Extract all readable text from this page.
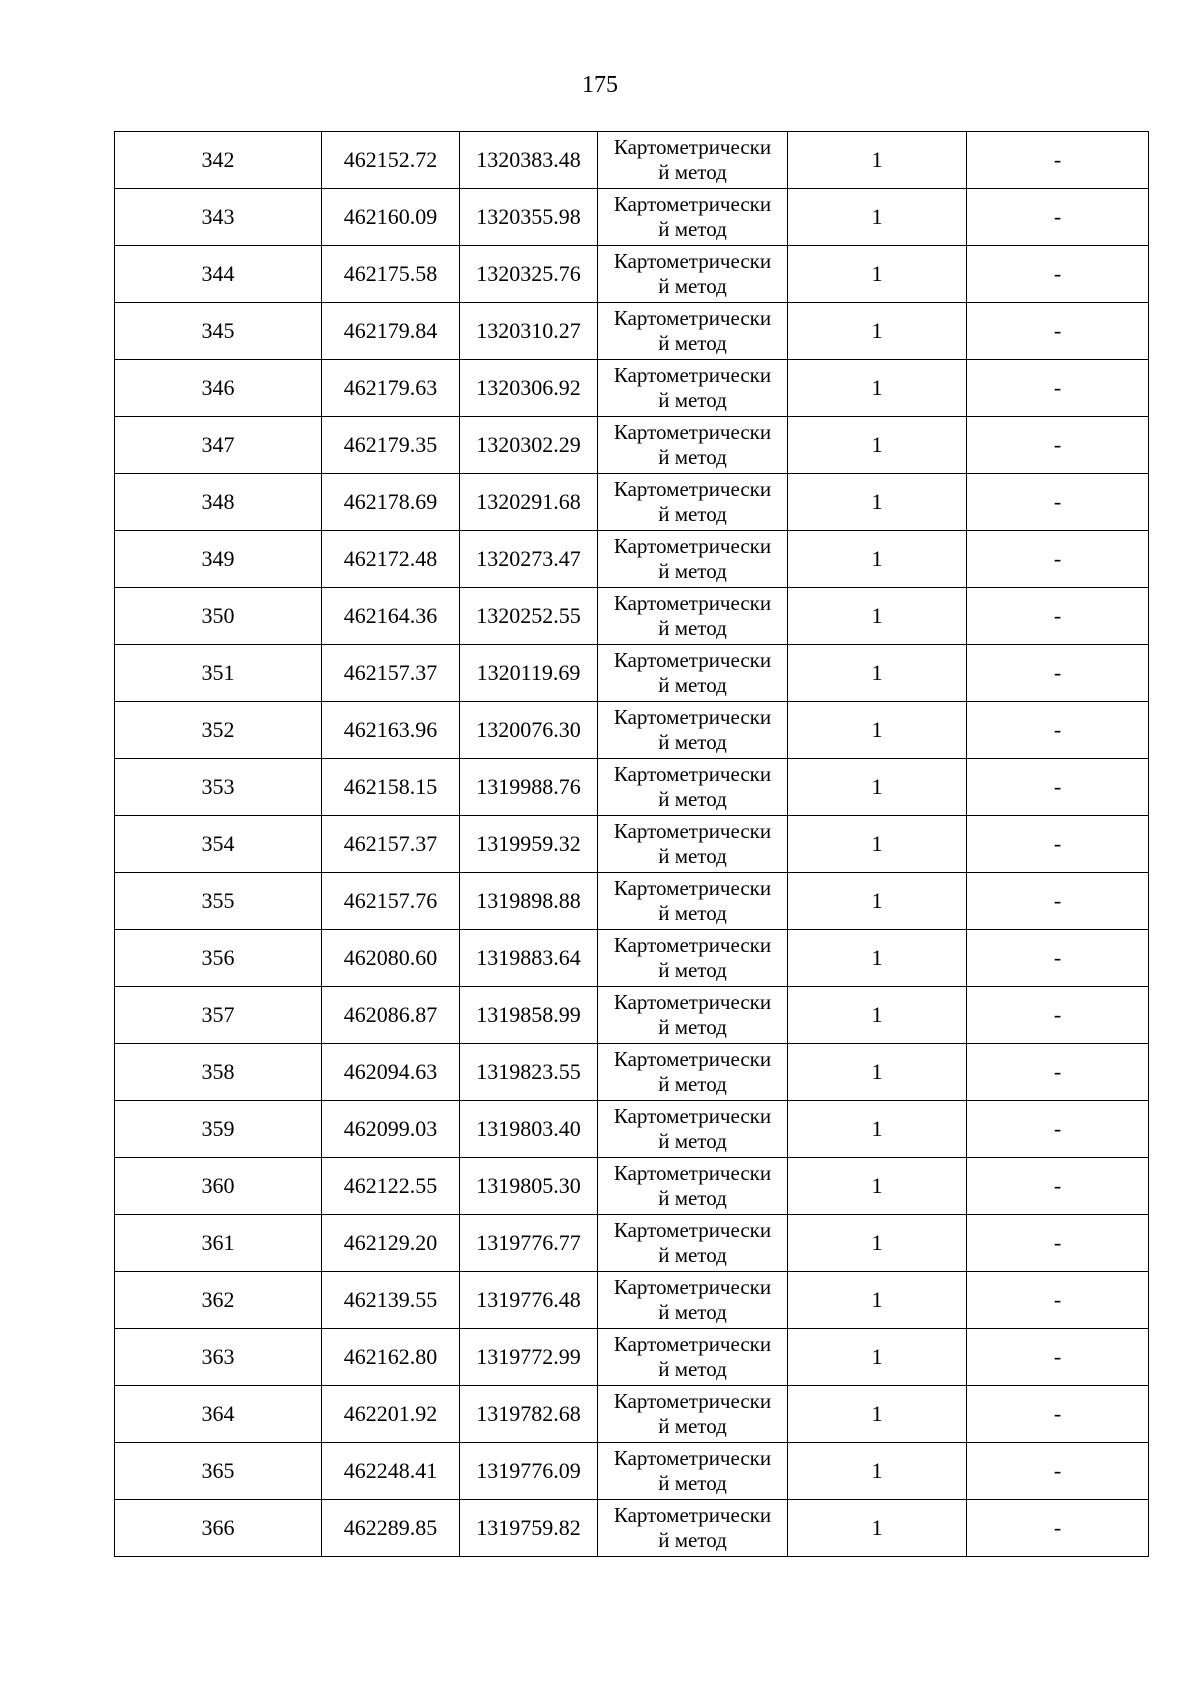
175
342	462152.72	1320383.48	Картометрически
й метод	1	-
343	462160.09	1320355.98	Картометрически
й метод	1	-
344	462175.58	1320325.76	Картометрически
й метод	1	-
345	462179.84	1320310.27	Картометрически
й метод	1	-
346	462179.63	1320306.92	Картометрически
й метод	1	-
347	462179.35	1320302.29	Картометрически
й метод	1	-
348	462178.69	1320291.68	Картометрически
й метод	1	-
349	462172.48	1320273.47	Картометрически
й метод	1	-
350	462164.36	1320252.55	Картометрически
й метод	1	-
351	462157.37	1320119.69	Картометрически
й метод	1	-
352	462163.96	1320076.30	Картометрически
й метод	1	-
353	462158.15	1319988.76	Картометрически
й метод	1	-
354	462157.37	1319959.32	Картометрически
й метод	1	-
355	462157.76	1319898.88	Картометрически
й метод	1	-
356	462080.60	1319883.64	Картометрически
й метод	1	-
357	462086.87	1319858.99	Картометрически
й метод	1	-
358	462094.63	1319823.55	Картометрически
й метод	1	-
359	462099.03	1319803.40	Картометрически
й метод	1	-
360	462122.55	1319805.30	Картометрически
й метод	1	-
361	462129.20	1319776.77	Картометрически
й метод	1	-
362	462139.55	1319776.48	Картометрически
й метод	1	-
363	462162.80	1319772.99	Картометрически
й метод	1	-
364	462201.92	1319782.68	Картометрически
й метод	1	-
365	462248.41	1319776.09	Картометрически
й метод	1	-
366	462289.85	1319759.82	Картометрически
й метод	1	-
